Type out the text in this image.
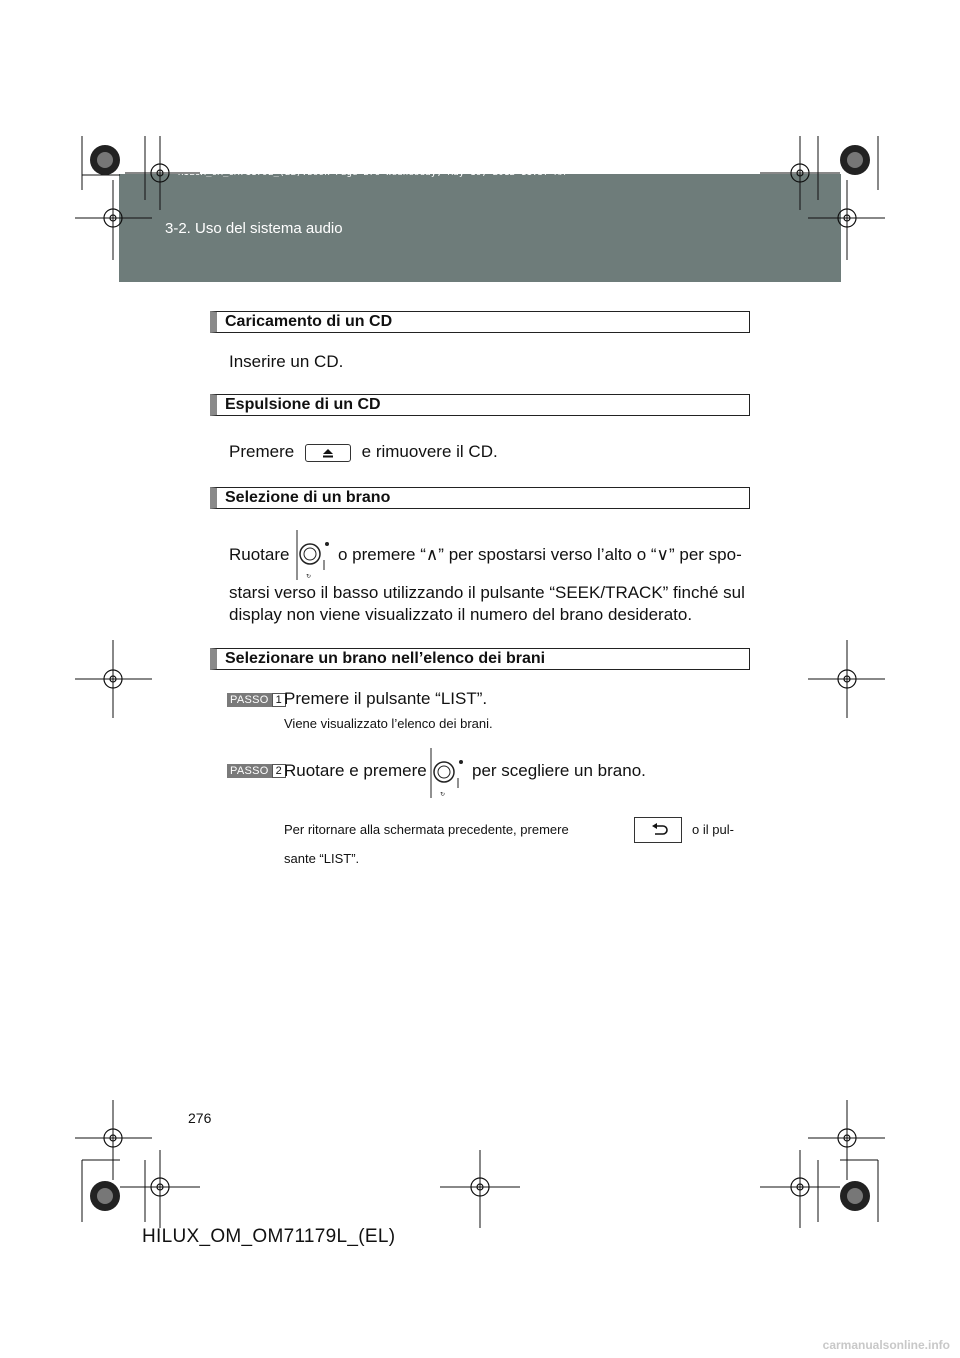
HILUX_OM_OM71179L_(EL).book Page 276 Wednesday, May 16, 2012 11:37 AM
3-2. Uso del sistema audio
Caricamento di un CD
Inserire un CD.
Espulsione di un CD
Premere	e rimuovere il CD.
Selezione di un brano
Ruotare
↻
o premere “∧” per spostarsi verso l’alto o “∨” per spo-
starsi verso il basso utilizzando il pulsante “SEEK/TRACK” finché sul
display non viene visualizzato il numero del brano desiderato.
Selezionare un brano nell’elenco dei brani
PASSO 1 Premere il pulsante “LIST”.
Viene visualizzato l’elenco dei brani.
PASSO 2 Ruotare e premere
↻
per scegliere un brano.
Per ritornare alla schermata precedente, premere	o il pul-
sante “LIST”.
276
HILUX_OM_OM71179L_(EL)
carmanualsonline.info
